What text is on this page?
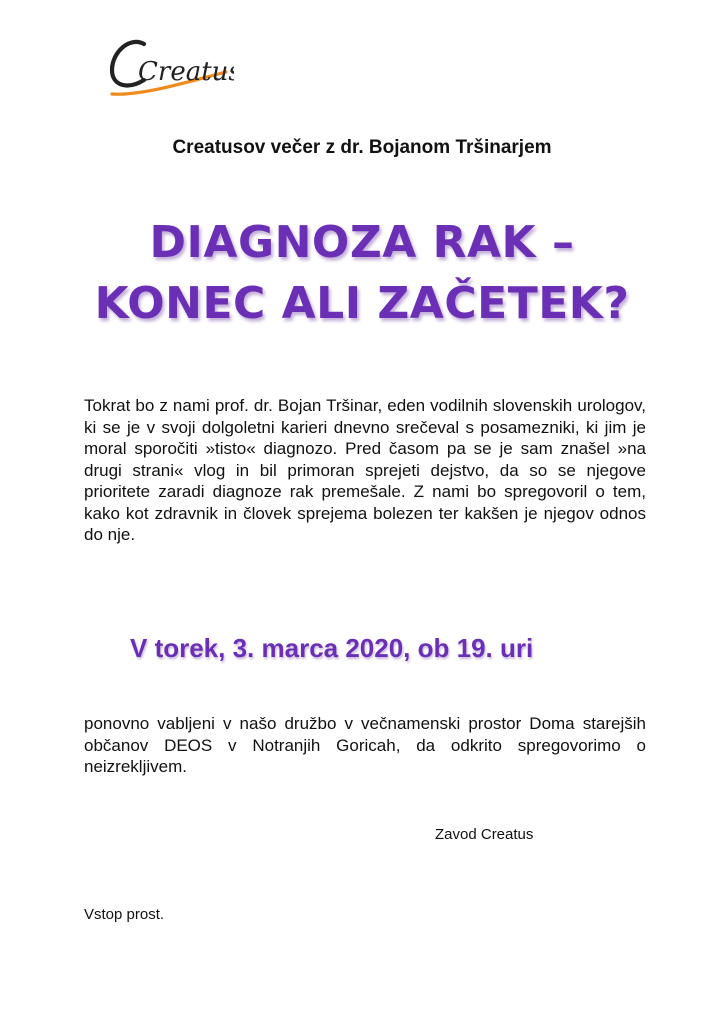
Creatus
Creatusov večer z dr. Bojanom Tršinarjem
DIAGNOZA RAK –
KONEC ALI ZAČETEK?
Tokrat bo z nami prof. dr. Bojan Tršinar, eden vodilnih slovenskih urologov, ki se je v svoji dolgoletni karieri dnevno srečeval s posamezniki, ki jim je moral sporočiti »tisto« diagnozo. Pred časom pa se je sam znašel »na drugi strani« vlog in bil primoran sprejeti dejstvo, da so se njegove prioritete zaradi diagnoze rak premešale. Z nami bo spregovoril o tem, kako kot zdravnik in človek sprejema bolezen ter kakšen je njegov odnos do nje.
V torek, 3. marca 2020, ob 19. uri
ponovno vabljeni v našo družbo v večnamenski prostor Doma starejših občanov DEOS v Notranjih Goricah, da odkrito spregovorimo o neizrekljivem.
Zavod Creatus
Vstop prost.
